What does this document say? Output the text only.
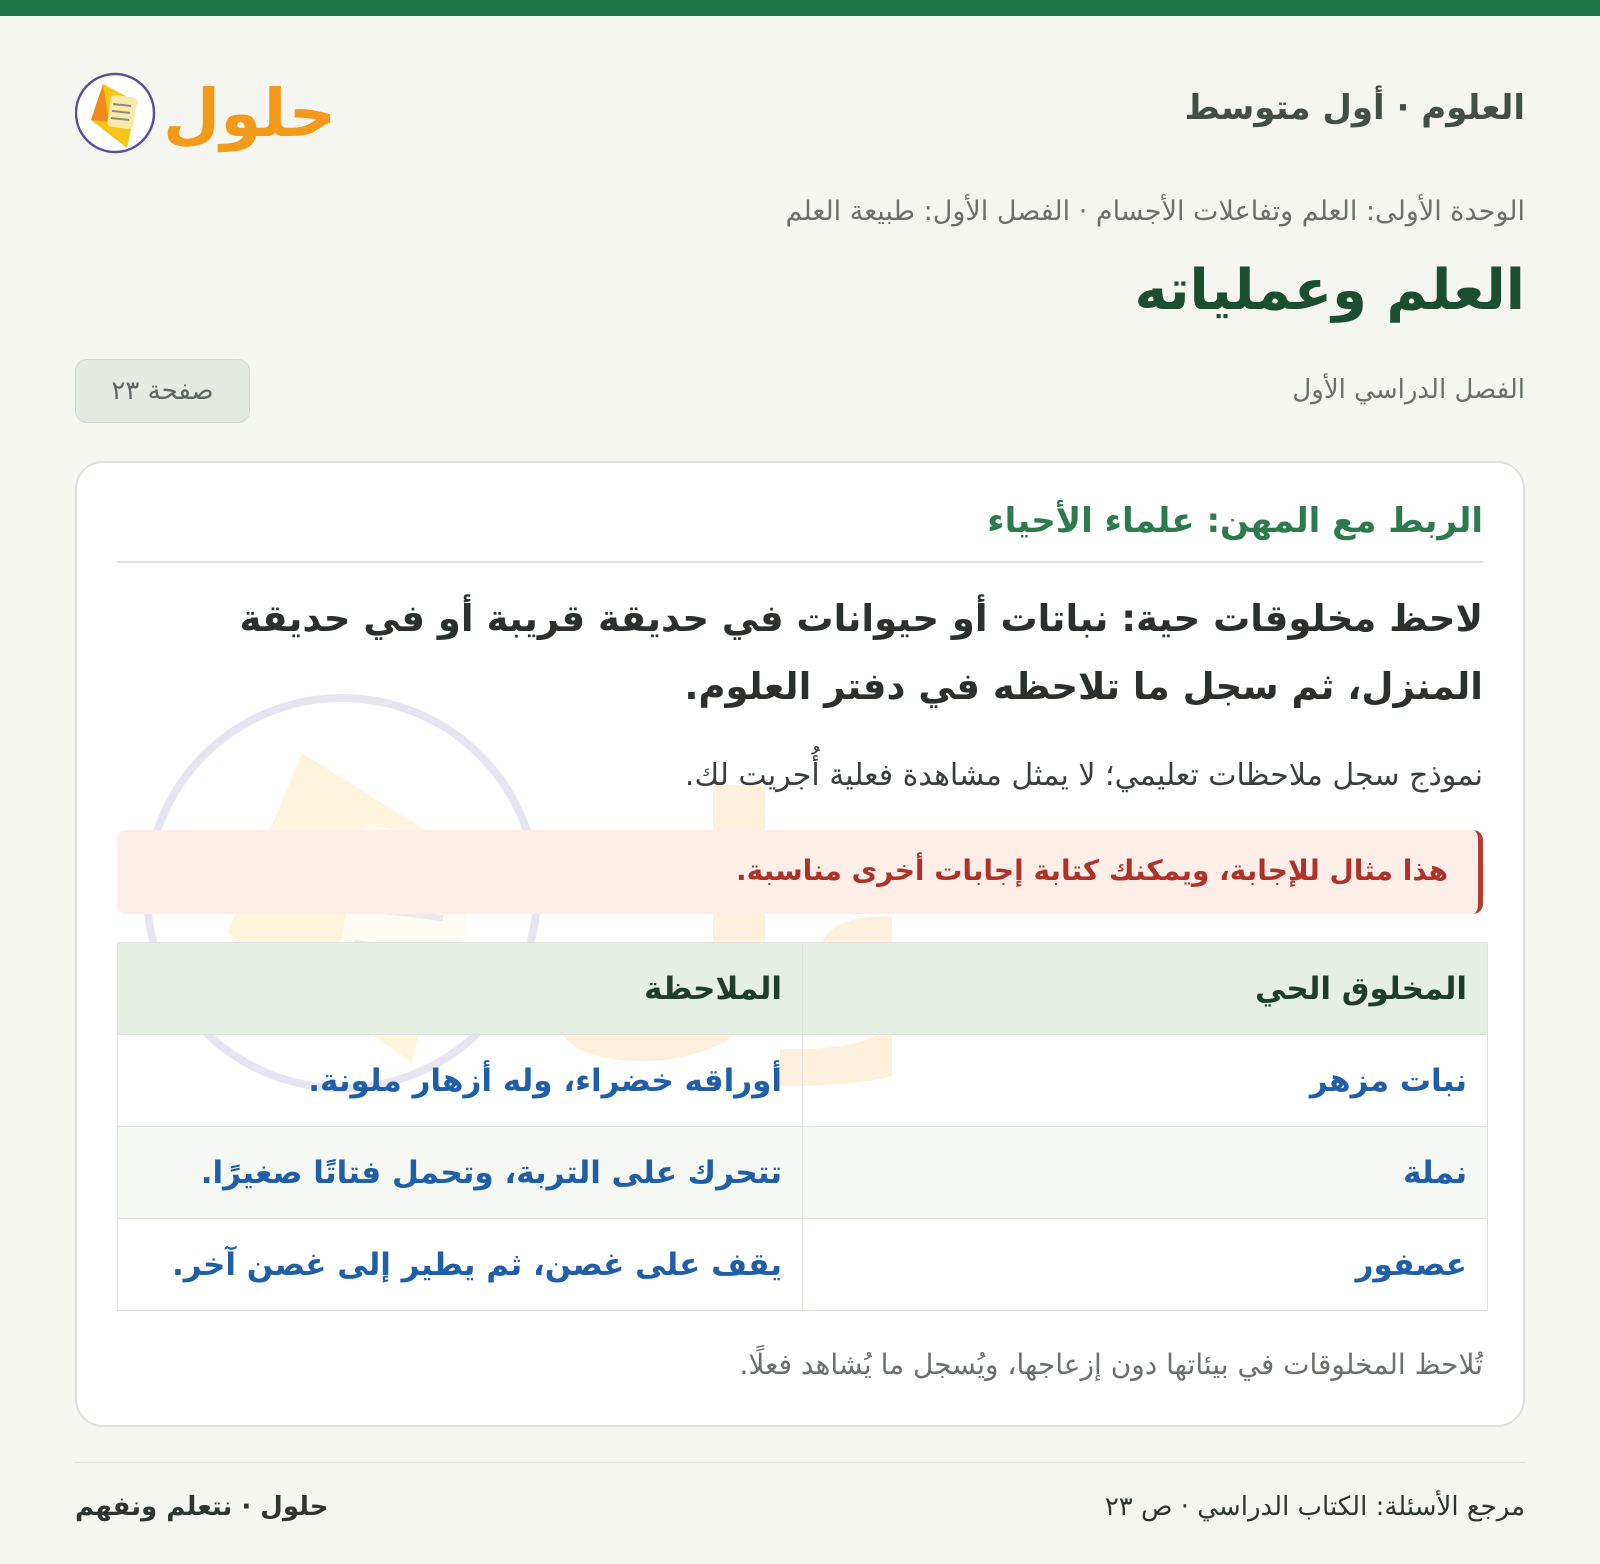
العلوم · أول متوسط
حلول
الوحدة الأولى: العلم وتفاعلات الأجسام · الفصل الأول: طبيعة العلم
العلم وعملياته
الفصل الدراسي الأول
صفحة ٢٣
الربط مع المهن: علماء الأحياء

لاحظ مخلوقات حية: نباتات أو حيوانات في حديقة قريبة أو في حديقة المنزل، ثم سجل ما تلاحظه في دفتر العلوم.

نموذج سجل ملاحظات تعليمي؛ لا يمثل مشاهدة فعلية أُجريت لك.
هذا مثال للإجابة، ويمكنك كتابة إجابات أخرى مناسبة.
المخلوق الحي	الملاحظة
نبات مزهر	أوراقه خضراء، وله أزهار ملونة.
نملة	تتحرك على التربة، وتحمل فتاتًا صغيرًا.
عصفور	يقف على غصن، ثم يطير إلى غصن آخر.
تُلاحظ المخلوقات في بيئاتها دون إزعاجها، ويُسجل ما يُشاهد فعلًا.
مرجع الأسئلة: الكتاب الدراسي · ص ٢٣
حلول · نتعلم ونفهم
